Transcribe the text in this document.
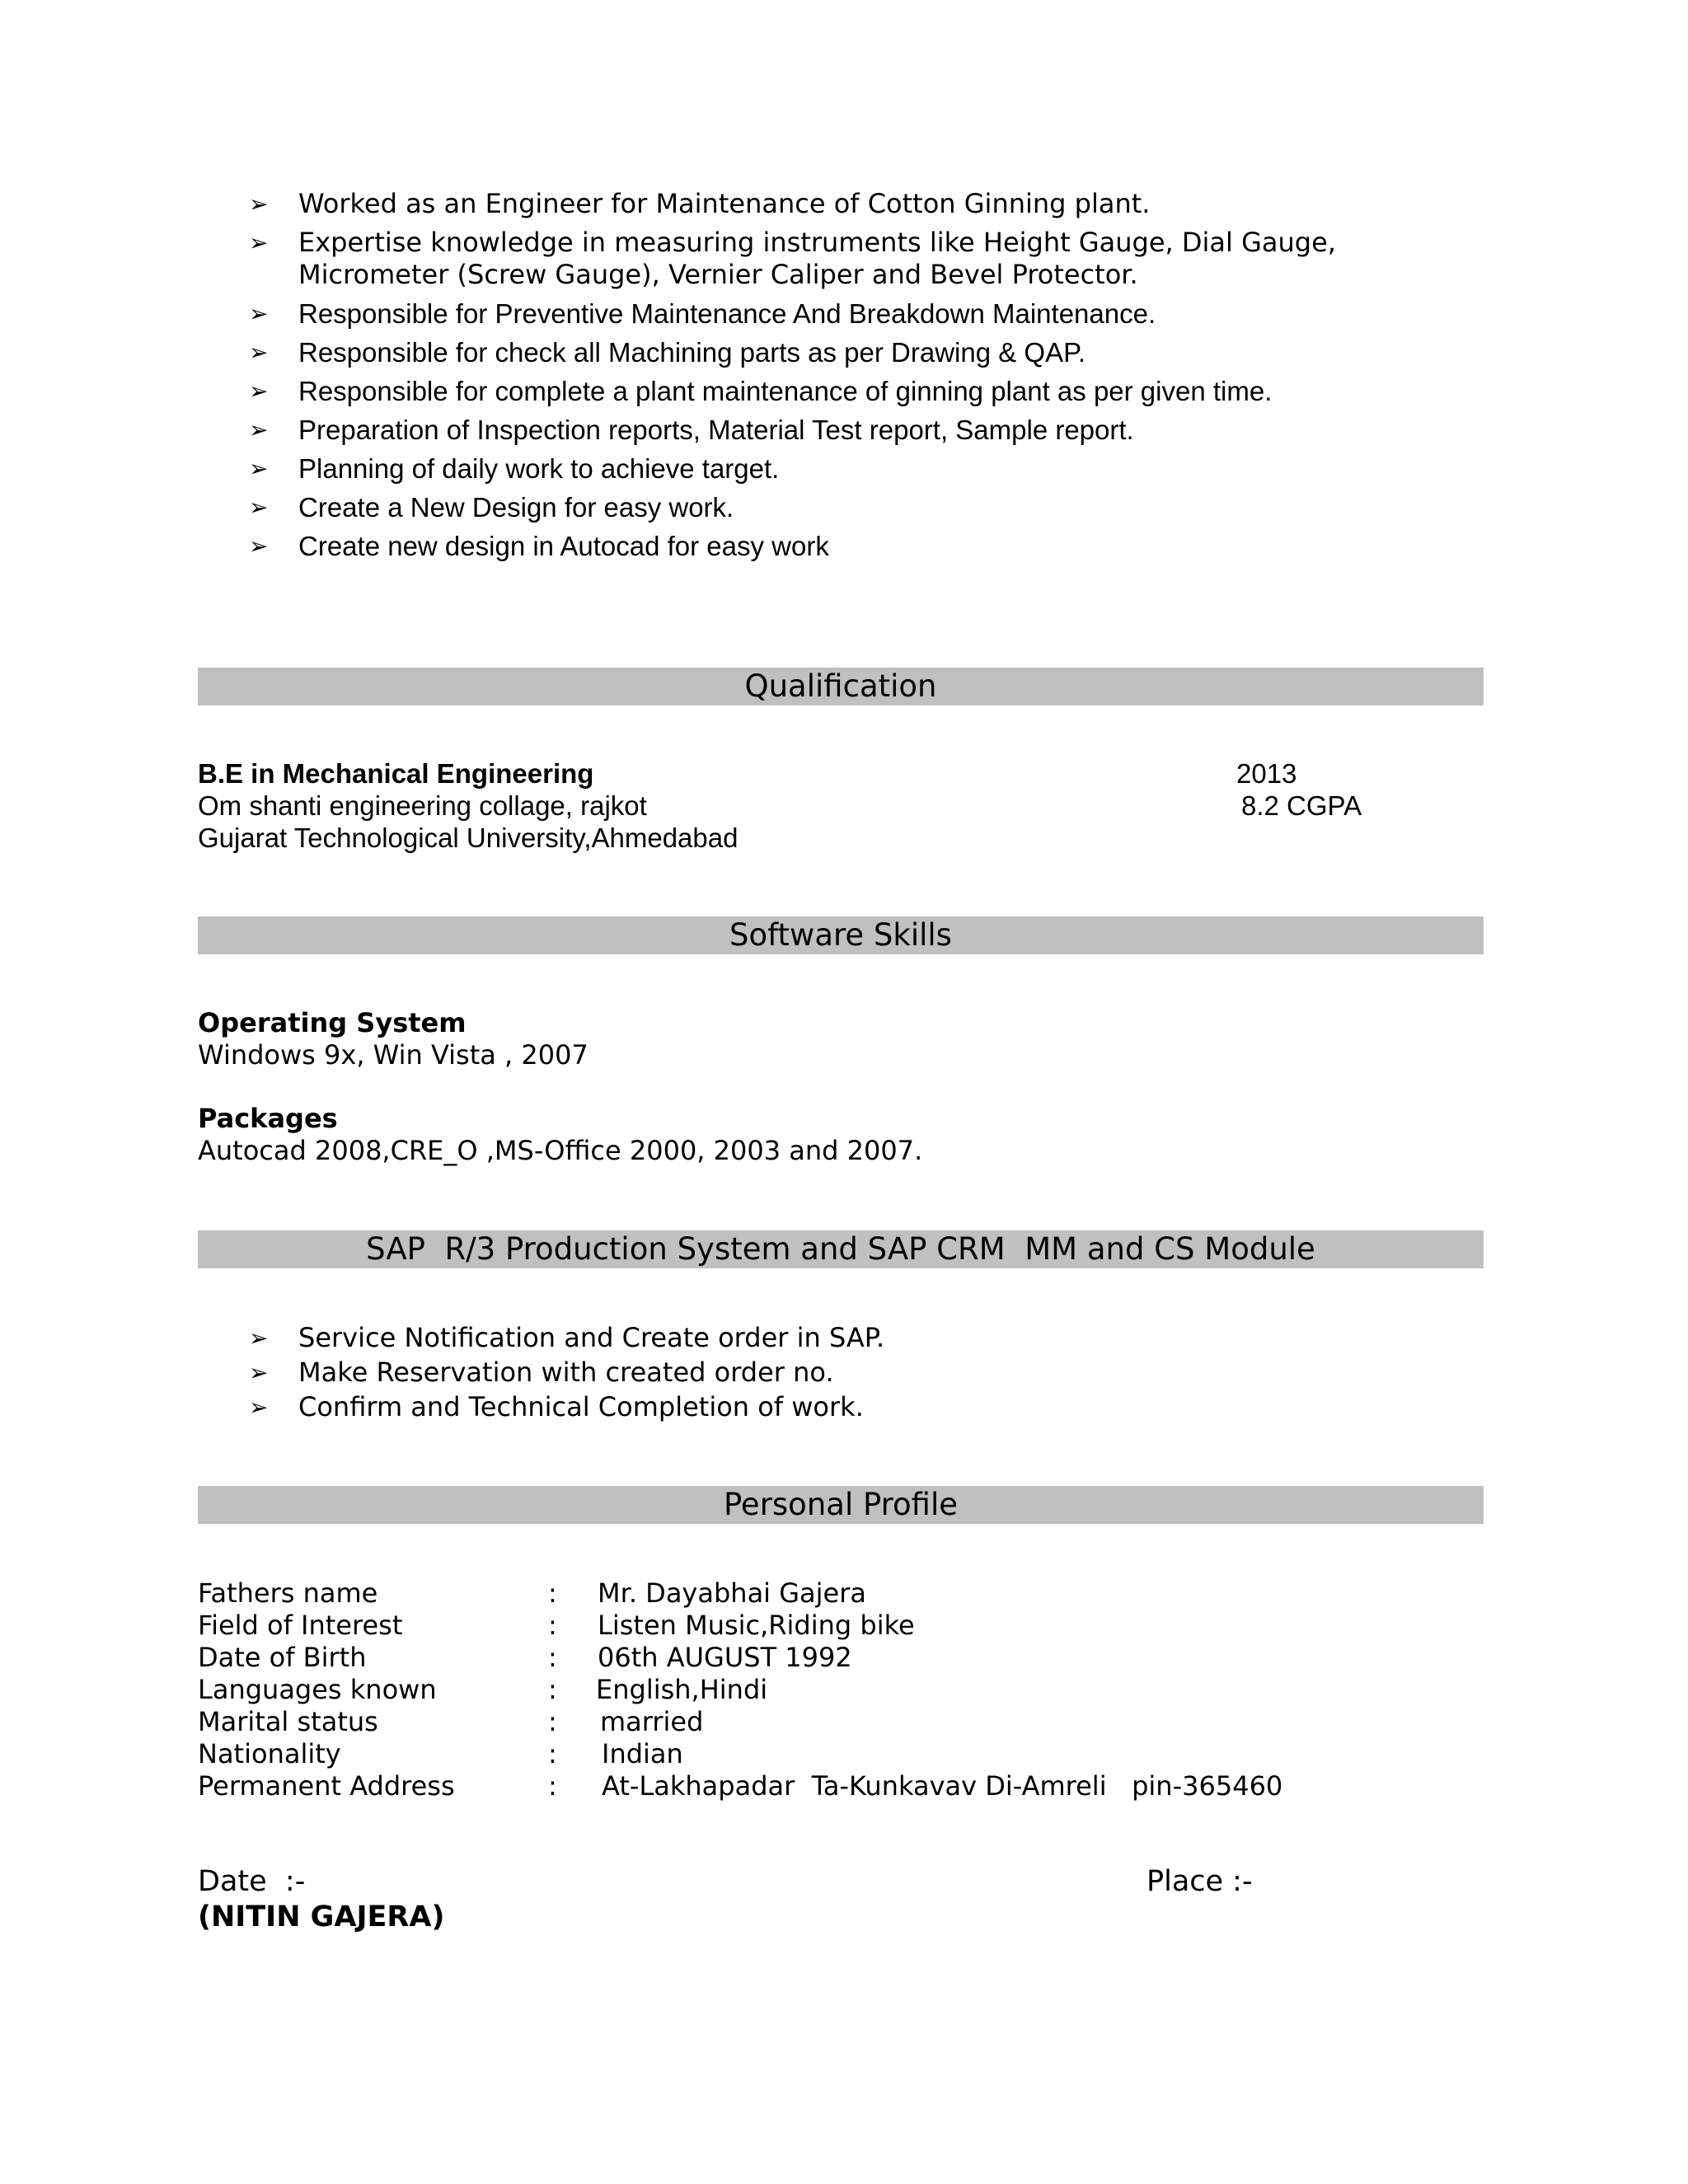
➢ Worked as an Engineer for Maintenance of Cotton Ginning plant.
➢ Expertise knowledge in measuring instruments like Height Gauge, Dial Gauge, Micrometer (Screw Gauge), Vernier Caliper and Bevel Protector.
➢ Responsible for Preventive Maintenance And Breakdown Maintenance.
➢ Responsible for check all Machining parts as per Drawing & QAP.
➢ Responsible for complete a plant maintenance of ginning plant as per given time.
➢ Preparation of Inspection reports, Material Test report, Sample report.
➢ Planning of daily work to achieve target.
➢ Create a New Design for easy work.
➢ Create new design in Autocad for easy work
Qualification
B.E in Mechanical Engineering	2013
Om shanti engineering collage, rajkot	8.2 CGPA
Gujarat Technological University,Ahmedabad
Software Skills
Operating System
Windows 9x, Win Vista , 2007
Packages
Autocad 2008,CRE_O ,MS-Office 2000, 2003 and 2007.
SAP  R/3 Production System and SAP CRM  MM and CS Module
➢ Service Notification and Create order in SAP.
➢ Make Reservation with created order no.
➢ Confirm and Technical Completion of work.
Personal Profile
Fathers name	: Mr. Dayabhai Gajera
Field of Interest	: Listen Music,Riding bike
Date of Birth	: 06th AUGUST 1992
Languages known	: English,Hindi
Marital status	: married
Nationality	: Indian
Permanent Address	: At-Lakhapadar  Ta-Kunkavav Di-Amreli   pin-365460
Date  :-	Place :-
(NITIN GAJERA)
